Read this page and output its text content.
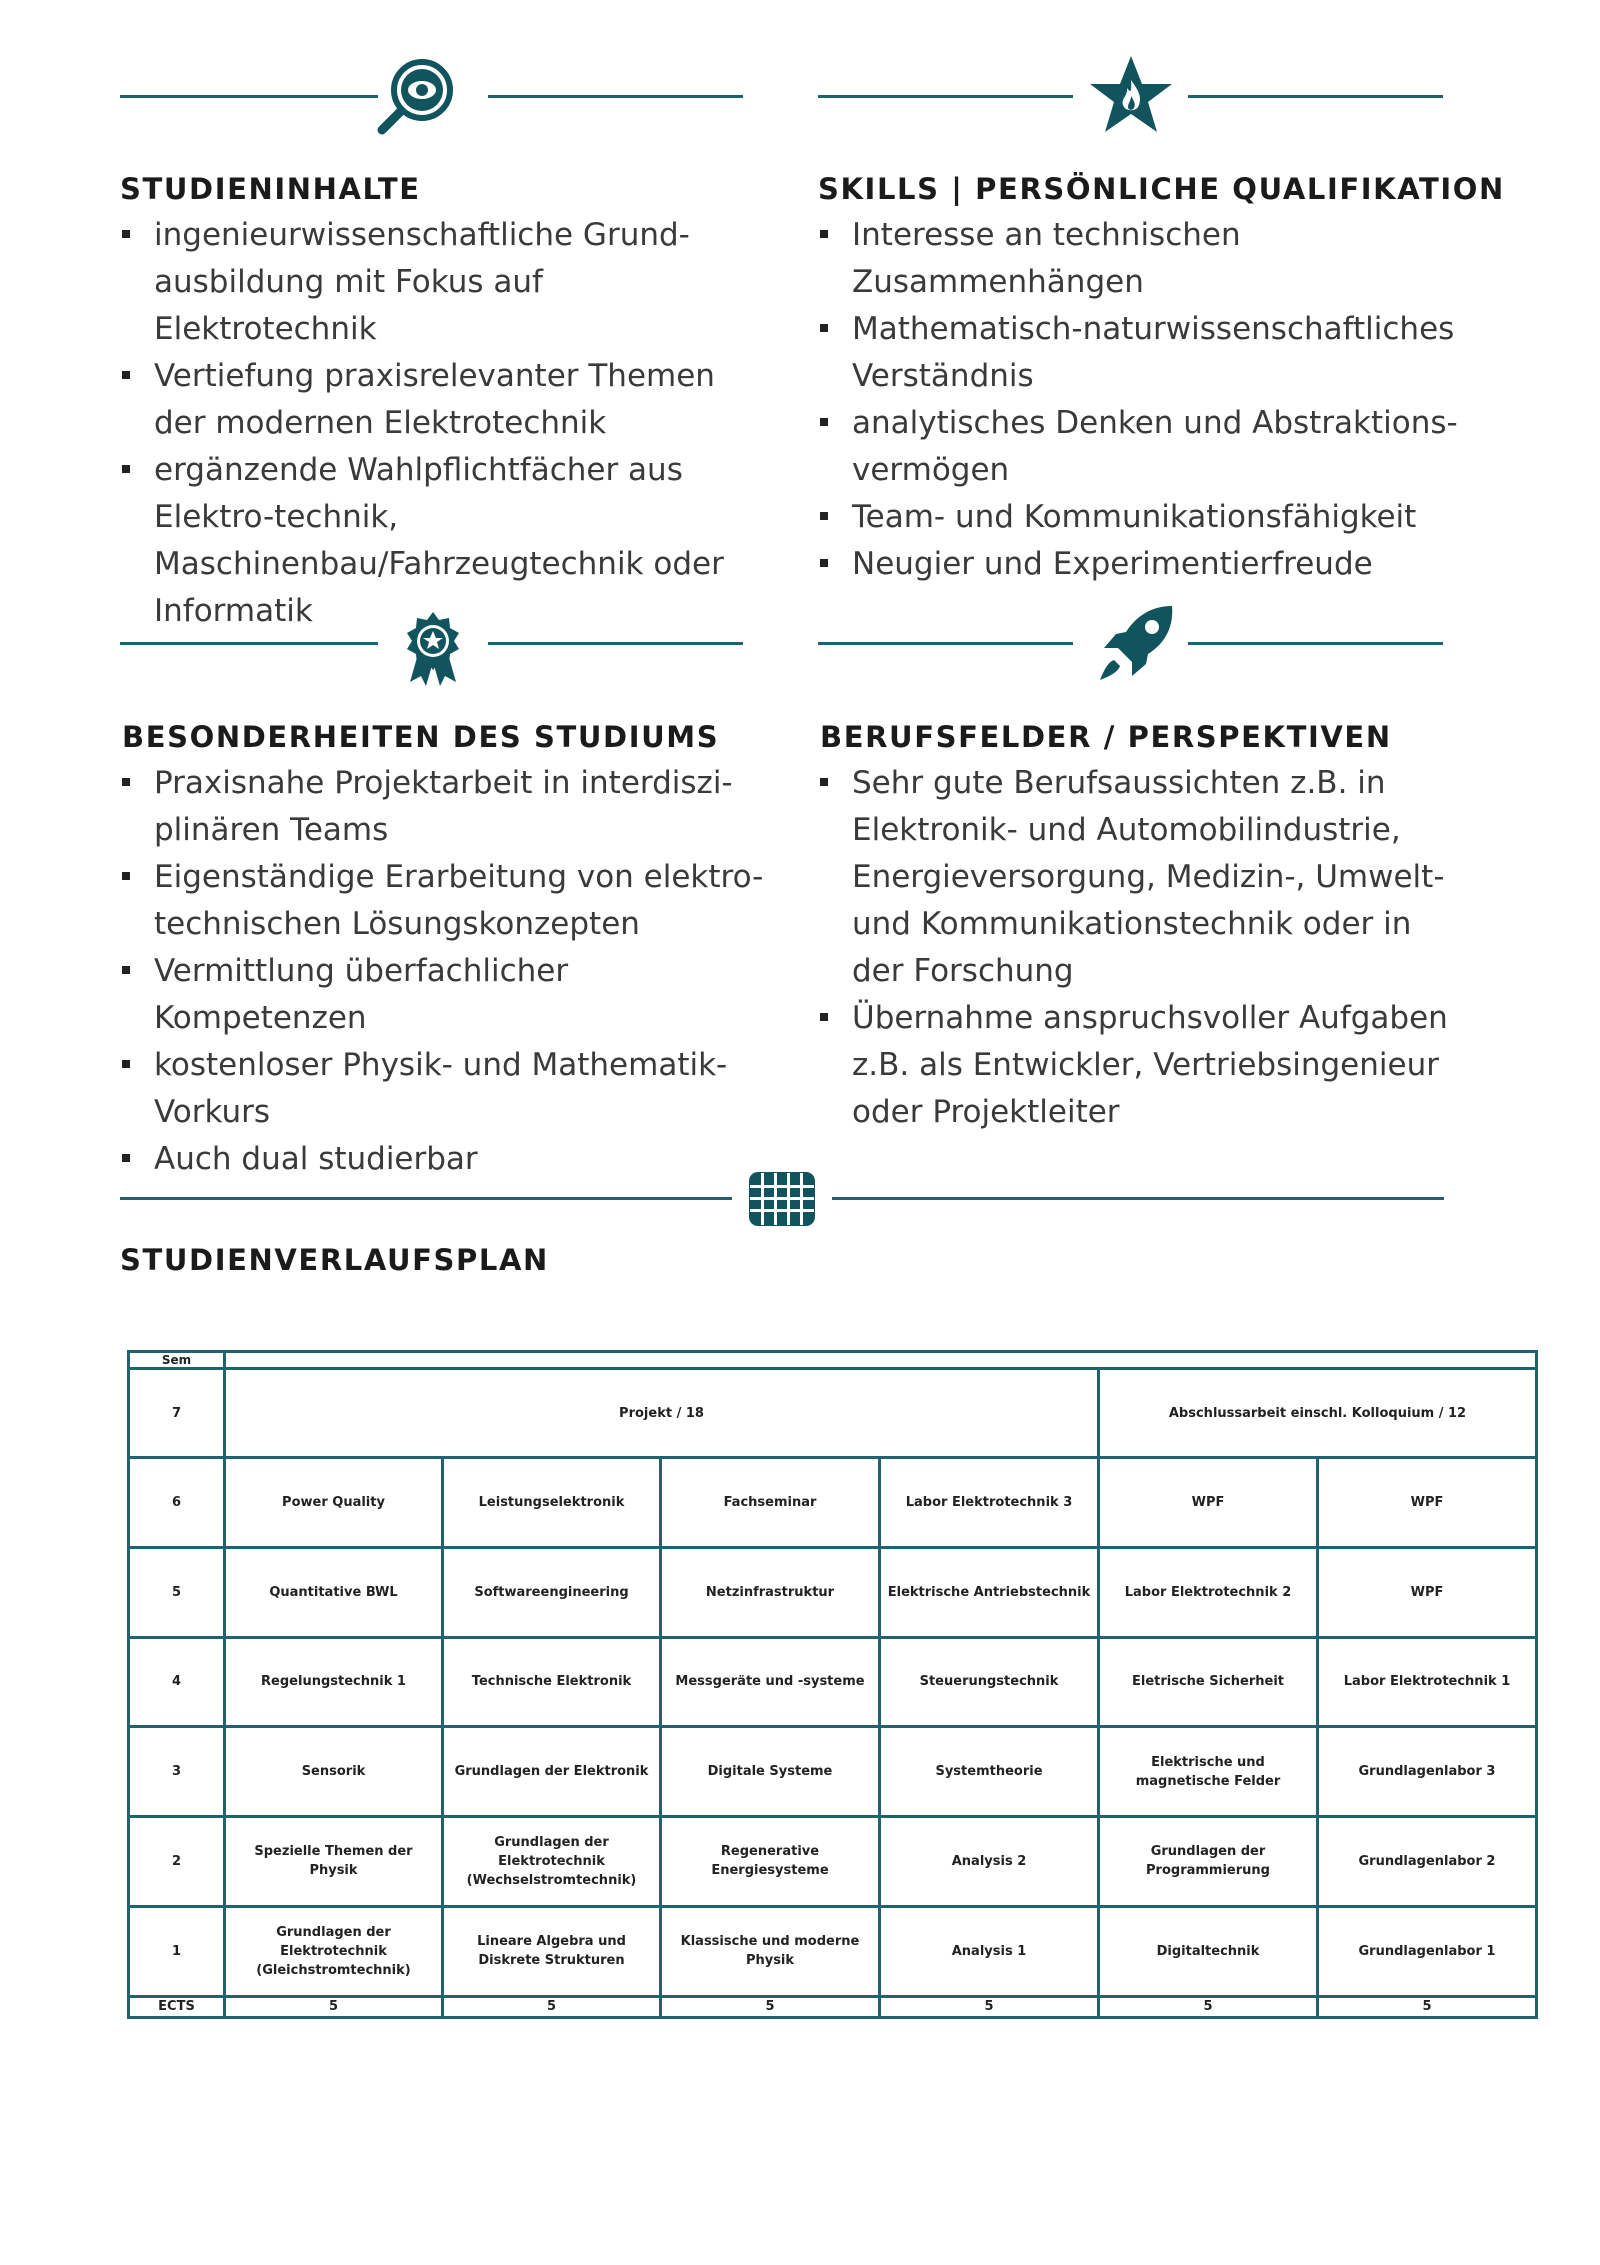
STUDIENINHALTE
ingenieurwissenschaftliche Grund-ausbildung mit Fokus auf Elektrotechnik
Vertiefung praxisrelevanter Themen der modernen Elektrotechnik
ergänzende Wahlpflichtfächer aus Elektro-technik, Maschinenbau/Fahrzeugtechnik oder Informatik
SKILLS | PERSÖNLICHE QUALIFIKATION
Interesse an technischen Zusammenhängen
Mathematisch-naturwissenschaftliches Verständnis
analytisches Denken und Abstraktions-vermögen
Team- und Kommunikationsfähigkeit
Neugier und Experimentierfreude
BESONDERHEITEN DES STUDIUMS
Praxisnahe Projektarbeit in interdiszi-plinären Teams
Eigenständige Erarbeitung von elektro-technischen Lösungskonzepten
Vermittlung überfachlicher Kompetenzen
kostenloser Physik- und Mathematik-Vorkurs
Auch dual studierbar
BERUFSFELDER / PERSPEKTIVEN
Sehr gute Berufsaussichten z.B. in Elektronik- und Automobilindustrie, Energieversorgung, Medizin-, Umwelt- und Kommunikationstechnik oder in der Forschung
Übernahme anspruchsvoller Aufgaben z.B. als Entwickler, Vertriebsingenieur oder Projektleiter
STUDIENVERLAUFSPLAN
Sem						
7	Projekt / 18				Abschlussarbeit einschl. Kolloquium / 12	
6	Power Quality	Leistungselektronik	Fachseminar	Labor Elektrotechnik 3	WPF	WPF
5	Quantitative BWL	Softwareengineering	Netzinfrastruktur	Elektrische Antriebstechnik	Labor Elektrotechnik 2	WPF
4	Regelungstechnik 1	Technische Elektronik	Messgeräte und -systeme	Steuerungstechnik	Eletrische Sicherheit	Labor Elektrotechnik 1
3	Sensorik	Grundlagen der Elektronik	Digitale Systeme	Systemtheorie	Elektrische und magnetische Felder	Grundlagenlabor 3
2	Spezielle Themen der Physik	Grundlagen der Elektrotechnik (Wechselstromtechnik)	Regenerative Energiesysteme	Analysis 2	Grundlagen der Programmierung	Grundlagenlabor 2
1	Grundlagen der Elektrotechnik (Gleichstromtechnik)	Lineare Algebra und Diskrete Strukturen	Klassische und moderne Physik	Analysis 1	Digitaltechnik	Grundlagenlabor 1
ECTS	5	5	5	5	5	5
